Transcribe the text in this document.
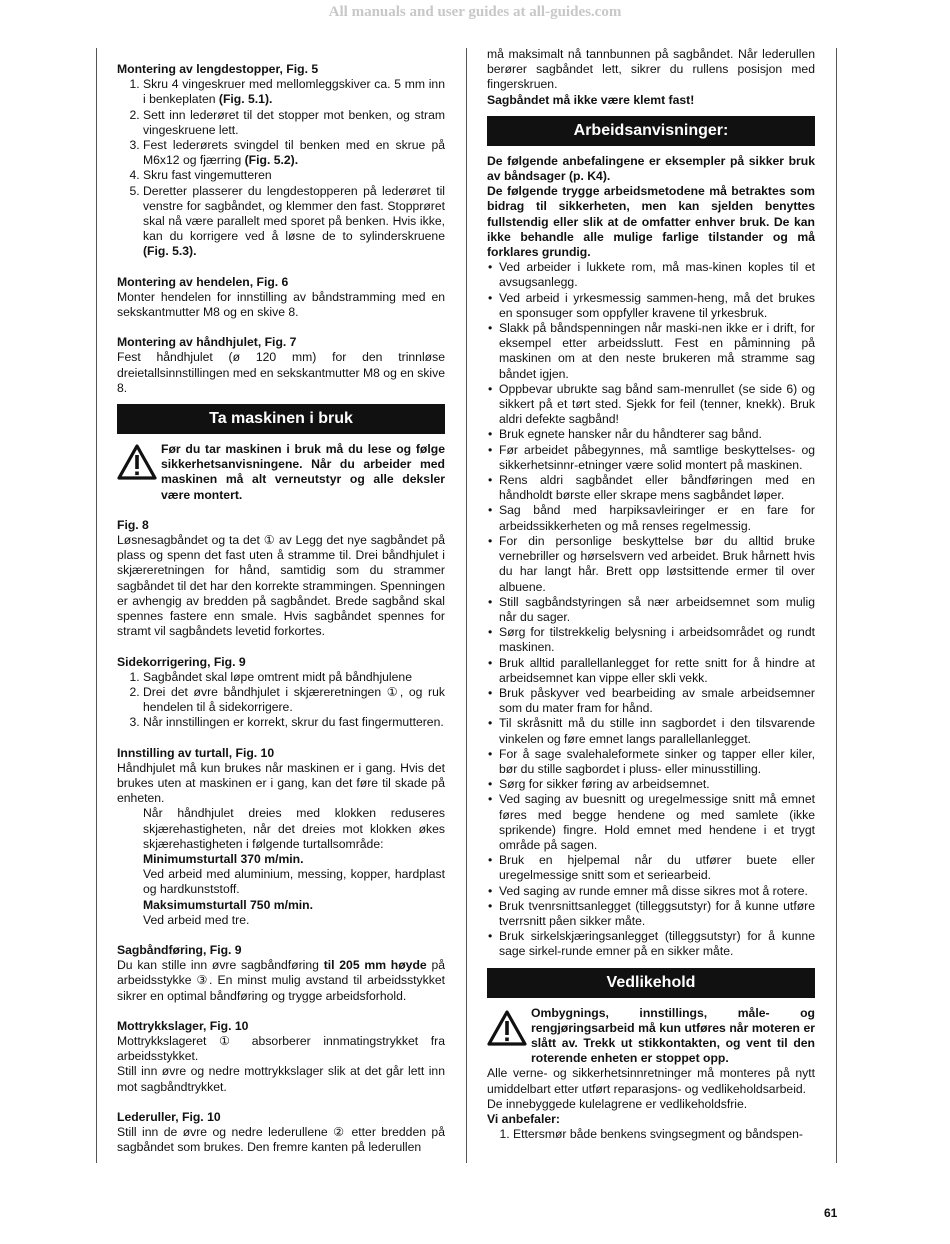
All manuals and user guides at all-guides.com

Montering av lengdestopper, Fig. 5

1. Skru 4 vingeskruer med mellomleggskiver ca. 5 mm inn i benkeplaten (Fig. 5.1).
2. Sett inn lederøret til det stopper mot benken, og stram vingeskruene lett.
3. Fest lederørets svingdel til benken med en skrue på M6x12 og fjærring (Fig. 5.2).
4. Skru fast vingemutteren
5. Deretter plasserer du lengdestopperen på lederøret til venstre for sagbåndet, og klemmer den fast. Stopprøret skal nå være parallelt med sporet på benken. Hvis ikke, kan du korrigere ved å løsne de to sylinderskruene (Fig. 5.3).

Montering av hendelen, Fig. 6

Monter hendelen for innstilling av båndstramming med en sekskantmutter M8 og en skive 8.

Montering av håndhjulet, Fig. 7

Fest håndhjulet (ø 120 mm) for den trinnløse dreietallsinnstillingen med en sekskantmutter M8 og en skive 8.

Ta maskinen i bruk
Før du tar maskinen i bruk må du lese og følge sikkerhetsanvisningene. Når du arbeider med maskinen må alt verneutstyr og alle deksler være montert.

Fig. 8

Løsnesagbåndet og ta det ① av Legg det nye sagbåndet på plass og spenn det fast uten å stramme til. Drei båndhjulet i skjæreretningen for hånd, samtidig som du strammer sagbåndet til det har den korrekte strammingen. Spenningen er avhengig av bredden på sagbåndet. Brede sagbånd skal spennes fastere enn smale. Hvis sagbåndet spennes for stramt vil sagbåndets levetid forkortes.

Sidekorrigering, Fig. 9

1. Sagbåndet skal løpe omtrent midt på båndhjulene
2. Drei det øvre båndhjulet i skjæreretningen ①, og ruk hendelen til å sidekorrigere.
3. Når innstillingen er korrekt, skrur du fast fingermutteren.

Innstilling av turtall, Fig. 10

Håndhjulet må kun brukes når maskinen er i gang. Hvis det brukes uten at maskinen er i gang, kan det føre til skade på enheten.

Når håndhjulet dreies med klokken reduseres skjærehastigheten, når det dreies mot klokken økes skjærehastigheten i følgende turtallsområde:

Minimumsturtall 370 m/min.

Ved arbeid med aluminium, messing, kopper, hardplast og hardkunststoff.

Maksimumsturtall 750 m/min.

Ved arbeid med tre.

Sagbåndføring, Fig. 9

Du kan stille inn øvre sagbåndføring til 205 mm høyde på arbeidsstykke ③. En minst mulig avstand til arbeidsstykket sikrer en optimal båndføring og trygge arbeidsforhold.

Mottrykkslager, Fig. 10

Mottrykkslageret ① absorberer innmatingstrykket fra arbeidsstykket.

Still inn øvre og nedre mottrykkslager slik at det går lett inn mot sagbåndtrykket.

Lederuller, Fig. 10

Still inn de øvre og nedre lederullene ② etter bredden på sagbåndet som brukes. Den fremre kanten på lederullen

må maksimalt nå tannbunnen på sagbåndet. Når lederullen berører sagbåndet lett, sikrer du rullens posisjon med fingerskruen.

Sagbåndet må ikke være klemt fast!

Arbeidsanvisninger:

De følgende anbefalingene er eksempler på sikker bruk av båndsager (p. K4).

De følgende trygge arbeidsmetodene må betraktes som bidrag til sikkerheten, men kan sjelden benyttes fullstendig eller slik at de omfatter enhver bruk. De kan ikke behandle alle mulige farlige tilstander og må forklares grundig.

• Ved arbeider i lukkete rom, må mas-kinen koples til et avsugsanlegg.
• Ved arbeid i yrkesmessig sammen-heng, må det brukes en sponsuger som oppfyller kravene til yrkesbruk.
• Slakk på båndspenningen når maski-nen ikke er i drift, for eksempel etter arbeidsslutt. Fest en påminning på maskinen om at den neste brukeren må stramme sag båndet igjen.
• Oppbevar ubrukte sag bånd sam-menrullet (se side 6) og sikkert på et tørt sted. Sjekk for feil (tenner, knekk). Bruk aldri defekte sagbånd!
• Bruk egnete hansker når du håndterer sag bånd.
• Før arbeidet påbegynnes, må samtlige beskyttelses- og sikkerhetsinnr-etninger være solid montert på maskinen.
• Rens aldri sagbåndet eller båndføringen med en håndholdt børste eller skrape mens sagbåndet løper.
• Sag bånd med harpiksavleiringer er en fare for arbeidssikkerheten og må renses regelmessig.
• For din personlige beskyttelse bør du alltid bruke vernebriller og hørselsvern ved arbeidet. Bruk hårnett hvis du har langt hår. Brett opp løstsittende ermer til over albuene.
• Still sagbåndstyringen så nær arbeidsemnet som mulig når du sager.
• Sørg for tilstrekkelig belysning i arbeidsområdet og rundt maskinen.
• Bruk alltid parallellanlegget for rette snitt for å hindre at arbeidsemnet kan vippe eller skli vekk.
• Bruk påskyver ved bearbeiding av smale arbeidsemner som du mater fram for hånd.
• Til skråsnitt må du stille inn sagbordet i den tilsvarende vinkelen og føre emnet langs parallellanlegget.
• For å sage svalehaleformete sinker og tapper eller kiler, bør du stille sagbordet i pluss- eller minusstilling.
• Sørg for sikker føring av arbeidsemnet.
• Ved saging av buesnitt og uregelmessige snitt må emnet føres med begge hendene og med samlete (ikke sprikende) fingre. Hold emnet med hendene i et trygt område på sagen.
• Bruk en hjelpemal når du utfører buete eller uregelmessige snitt som et seriearbeid.
• Ved saging av runde emner må disse sikres mot å rotere.
• Bruk tvenrsnittsanlegget (tilleggsutstyr) for å kunne utføre tverrsnitt påen sikker måte.
• Bruk sirkelskjæringsanlegget (tilleggsutstyr) for å kunne sage sirkel-runde emner på en sikker måte.
Vedlikehold
Ombygnings, innstillings, måle- og rengjøringsarbeid må kun utføres når moteren er slått av. Trekk ut stikkontakten, og vent til den roterende enheten er stoppet opp.

Alle verne- og sikkerhetsinnretninger må monteres på nytt umiddelbart etter utført reparasjons- og vedlikeholdsarbeid.

De innebyggede kulelagrene er vedlikeholdsfrie.

Vi anbefaler:

1. Ettersmør både benkens svingsegment og båndspen-
61
